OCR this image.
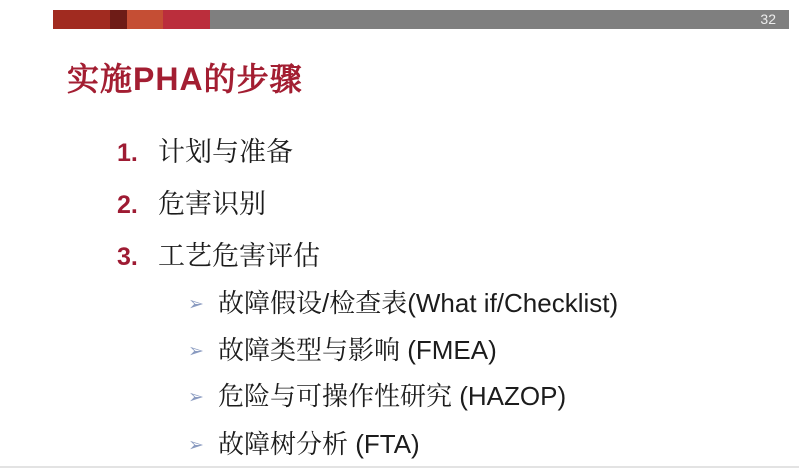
32
实施PHA的步骤
1. 计划与准备
2. 危害识别
3. 工艺危害评估
➢ 故障假设/检查表(What if/Checklist)
➢ 故障类型与影响 (FMEA)
➢ 危险与可操作性研究 (HAZOP)
➢ 故障树分析 (FTA)
